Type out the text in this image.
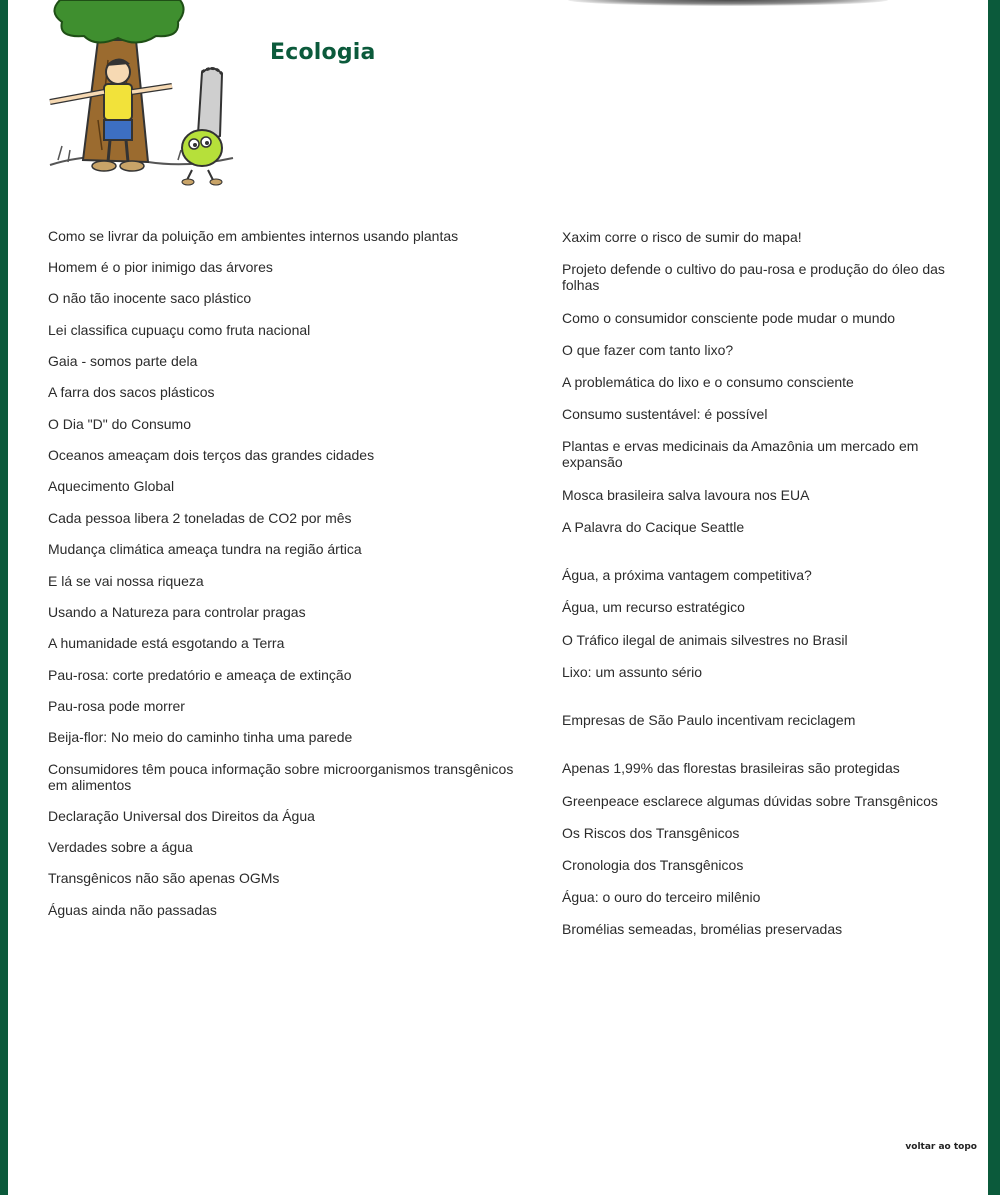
Ecologia
Como se livrar da poluição em ambientes internos usando plantas
Homem é o pior inimigo das árvores
O não tão inocente saco plástico
Lei classifica cupuaçu como fruta nacional
Gaia - somos parte dela
A farra dos sacos plásticos
O Dia "D" do Consumo
Oceanos ameaçam dois terços das grandes cidades
Aquecimento Global
Cada pessoa libera 2 toneladas de CO2 por mês
Mudança climática ameaça tundra na região ártica
E lá se vai nossa riqueza
Usando a Natureza para controlar pragas
A humanidade está esgotando a Terra
Pau-rosa: corte predatório e ameaça de extinção
Pau-rosa pode morrer
Beija-flor: No meio do caminho tinha uma parede
Consumidores têm pouca informação sobre microorganismos transgênicos em alimentos
Declaração Universal dos Direitos da Água
Verdades sobre a água
Transgênicos não são apenas OGMs
Águas ainda não passadas
Xaxim corre o risco de sumir do mapa!
Projeto defende o cultivo do pau-rosa e produção do óleo das folhas
Como o consumidor consciente pode mudar o mundo
O que fazer com tanto lixo?
A problemática do lixo e o consumo consciente
Consumo sustentável: é possível
Plantas e ervas medicinais da Amazônia um mercado em expansão
Mosca brasileira salva lavoura nos EUA
A Palavra do Cacique Seattle
Água, a próxima vantagem competitiva?
Água, um recurso estratégico
O Tráfico ilegal de animais silvestres no Brasil
Lixo: um assunto sério
Empresas de São Paulo incentivam reciclagem
Apenas 1,99% das florestas brasileiras são protegidas
Greenpeace esclarece algumas dúvidas sobre Transgênicos
Os Riscos dos Transgênicos
Cronologia dos Transgênicos
Água: o ouro do terceiro milênio
Bromélias semeadas, bromélias preservadas
voltar ao topo
